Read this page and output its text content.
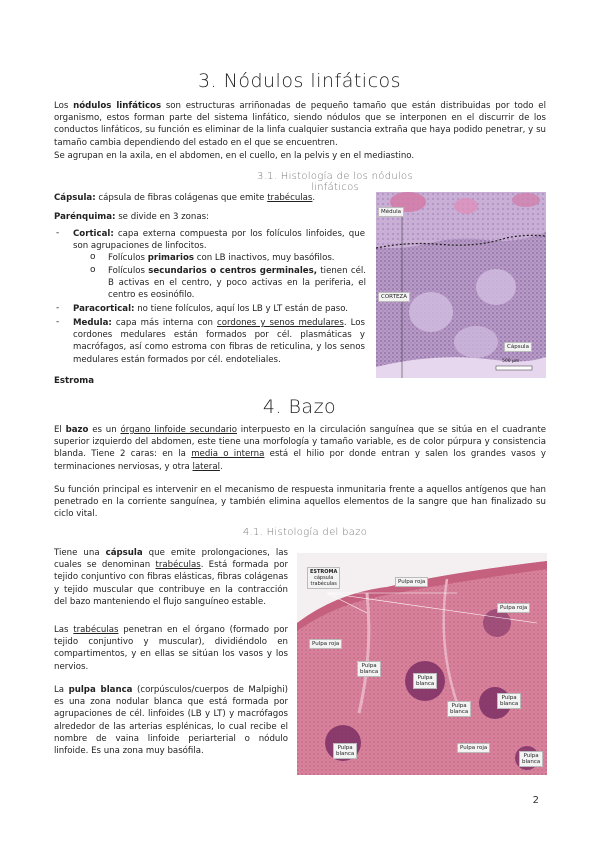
3. Nódulos linfáticos
Los nódulos linfáticos son estructuras arriñonadas de pequeño tamaño que están distribuidas por todo el organismo, estos forman parte del sistema linfático, siendo nódulos que se interponen en el discurrir de los conductos linfáticos, su función es eliminar de la linfa cualquier sustancia extraña que haya podido penetrar, y su tamaño cambia dependiendo del estado en el que se encuentren.
Se agrupan en la axila, en el abdomen, en el cuello, en la pelvis y en el mediastino.
3.1. Histología de los nódulos linfáticos
Cápsula: cápsula de fibras colágenas que emite trabéculas.
Parénquima: se divide en 3 zonas:
- Cortical: capa externa compuesta por los folículos linfoides, que son agrupaciones de linfocitos.
o Folículos primarios con LB inactivos, muy basófilos.
o Folículos secundarios o centros germinales, tienen cél. B activas en el centro, y poco activas en la periferia, el centro es eosinófilo.
- Paracortical: no tiene folículos, aquí los LB y LT están de paso.
- Medula: capa más interna con cordones y senos medulares. Los cordones medulares están formados por cél. plasmáticas y macrófagos, así como estroma con fibras de reticulina, y los senos medulares están formados por cél. endoteliales.
Estroma
Médula
CORTEZA
Cápsula
500 µm
4. Bazo
El bazo es un órgano linfoide secundario interpuesto en la circulación sanguínea que se sitúa en el cuadrante superior izquierdo del abdomen, este tiene una morfología y tamaño variable, es de color púrpura y consistencia blanda. Tiene 2 caras: en la media o interna está el hilio por donde entran y salen los grandes vasos y terminaciones nerviosas, y otra lateral.
Su función principal es intervenir en el mecanismo de respuesta inmunitaria frente a aquellos antígenos que han penetrado en la corriente sanguínea, y también elimina aquellos elementos de la sangre que han finalizado su ciclo vital.
4.1. Histología del bazo
Tiene una cápsula que emite prolongaciones, las cuales se denominan trabéculas. Está formada por tejido conjuntivo con fibras elásticas, fibras colágenas y tejido muscular que contribuye en la contracción del bazo manteniendo el flujo sanguíneo estable.
Las trabéculas penetran en el órgano (formado por tejido conjuntivo y muscular), dividiéndolo en compartimentos, y en ellas se sitúan los vasos y los nervios.
La pulpa blanca (corpúsculos/cuerpos de Malpighi) es una zona nodular blanca que está formada por agrupaciones de cél. linfoides (LB y LT) y macrófagos alrededor de las arterias esplénicas, lo cual recibe el nombre de vaina linfoide periarterial o nódulo linfoide. Es una zona muy basófila.
ESTROMA
cápsula
trabéculas	Pulpa roja
Pulpa roja
Pulpa roja
Pulpa
blanca
Pulpa
blanca
Pulpa
blanca
Pulpa
blanca
Pulpa
blanca
Pulpa roja
Pulpa
blanca
2
